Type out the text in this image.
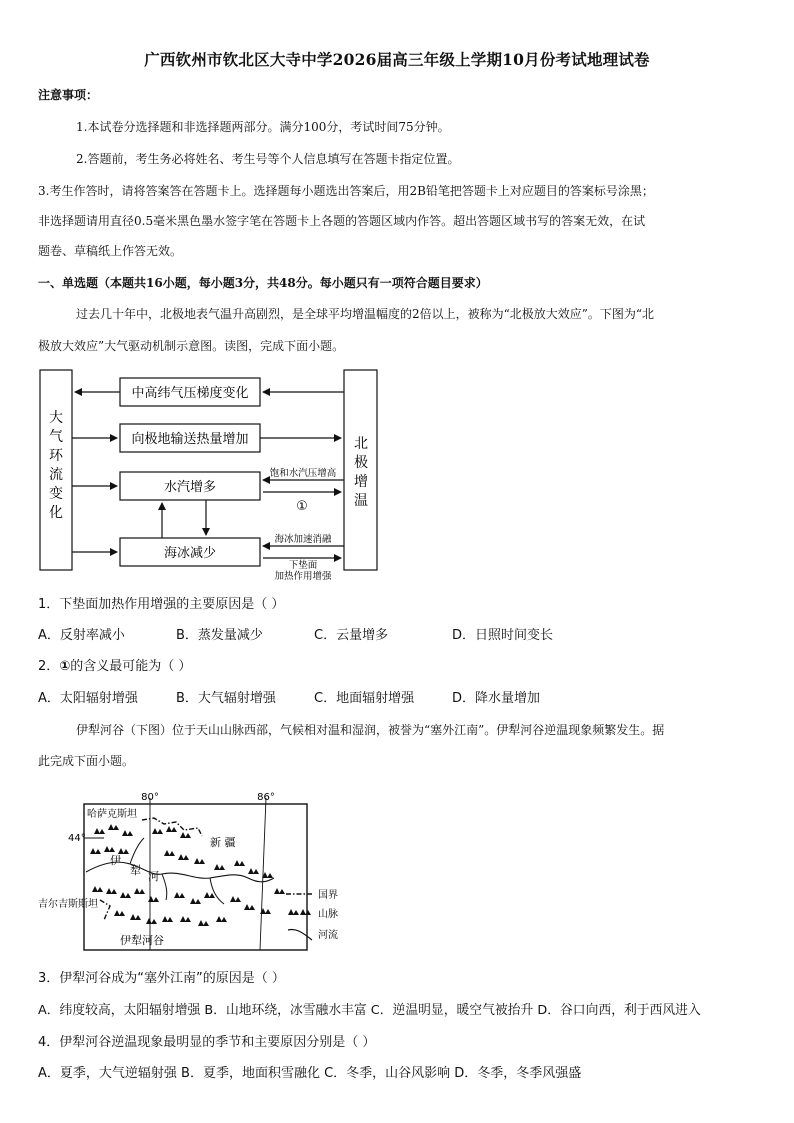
广西钦州市钦北区大寺中学2026届高三年级上学期10月份考试地理试卷
注意事项：
1.本试卷分选择题和非选择题两部分。满分100分，考试时间75分钟。
2.答题前，考生务必将姓名、考生号等个人信息填写在答题卡指定位置。
3.考生作答时，请将答案答在答题卡上。选择题每小题选出答案后，用2B铅笔把答题卡上对应题目的答案标号涂黑；
非选择题请用直径0.5毫米黑色墨水签字笔在答题卡上各题的答题区域内作答。超出答题区域书写的答案无效，在试
题卷、草稿纸上作答无效。
一、单选题（本题共16小题，每小题3分，共48分。每小题只有一项符合题目要求）
过去几十年中，北极地表气温升高剧烈，是全球平均增温幅度的2倍以上，被称为“北极放大效应”。下图为“北
极放大效应”大气驱动机制示意图。读图，完成下面小题。
大
气
环
流
变
化
北
极
增
温
中高纬气压梯度变化
向极地输送热量增加
水汽增多
海冰减少
饱和水汽压增高
①
海冰加速消融
下垫面
加热作用增强
1．下垫面加热作用增强的主要原因是（ ）
A．反射率减小	B．蒸发量减少	C．云量增多	D．日照时间变长
2．①的含义最可能为（ ）
A．太阳辐射增强	B．大气辐射增强	C．地面辐射增强	D．降水量增加
伊犁河谷（下图）位于天山山脉西部，气候相对温和湿润，被誉为“塞外江南”。伊犁河谷逆温现象频繁发生。据
此完成下面小题。
80°	86°
44°
哈萨克斯坦
新 疆
伊
犁 河
吉尔吉斯斯坦
伊犁河谷
国界
山脉
河流
3．伊犁河谷成为“塞外江南”的原因是（ ）
A．纬度较高，太阳辐射增强 B．山地环绕，冰雪融水丰富 C．逆温明显，暖空气被抬升 D．谷口向西，利于西风进入
4．伊犁河谷逆温现象最明显的季节和主要原因分别是（ ）
A．夏季，大气逆辐射强 B．夏季，地面积雪融化 C．冬季，山谷风影响 D．冬季，冬季风强盛
